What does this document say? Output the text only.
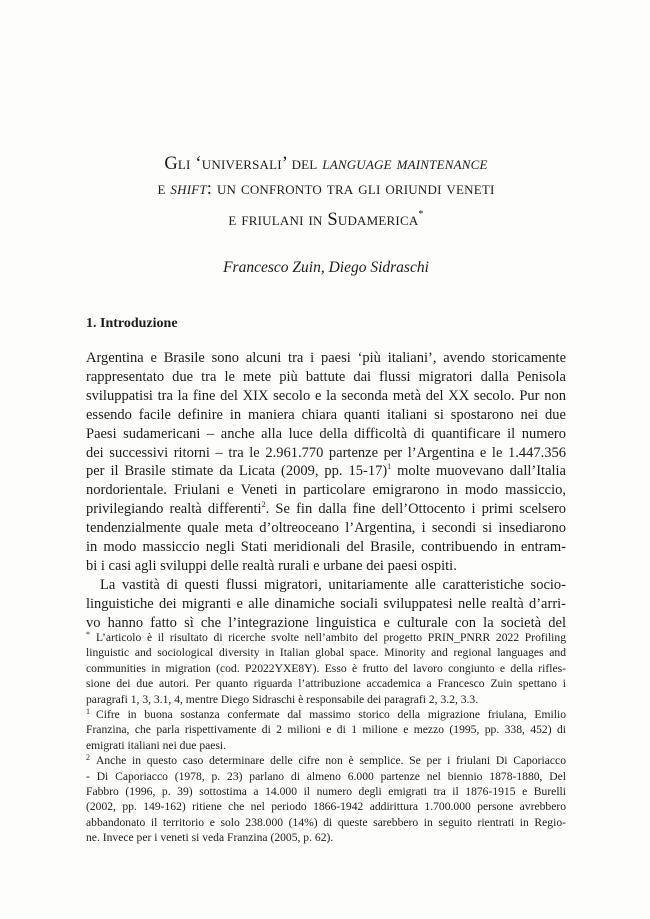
Gli ‘universali’ del language maintenance
e shift: un confronto tra gli oriundi veneti
e friulani in Sudamerica*
Francesco Zuin, Diego Sidraschi
1. Introduzione
Argentina e Brasile sono alcuni tra i paesi ‘più italiani’, avendo storicamente
rappresentato due tra le mete più battute dai flussi migratori dalla Penisola
sviluppatisi tra la fine del XIX secolo e la seconda metà del XX secolo. Pur non
essendo facile definire in maniera chiara quanti italiani si spostarono nei due
Paesi sudamericani – anche alla luce della difficoltà di quantificare il numero
dei successivi ritorni – tra le 2.961.770 partenze per l’Argentina e le 1.447.356
per il Brasile stimate da Licata (2009, pp. 15-17)$^1$ molte muovevano dall’Italia
nordorientale. Friulani e Veneti in particolare emigrarono in modo massiccio,
privilegiando realtà differenti$^2$. Se fin dalla fine dell’Ottocento i primi scelsero
tendenzialmente quale meta d’oltreoceano l’Argentina, i secondi si insediarono
in modo massiccio negli Stati meridionali del Brasile, contribuendo in entram-
bi i casi agli sviluppi delle realtà rurali e urbane dei paesi ospiti.
La vastità di questi flussi migratori, unitariamente alle caratteristiche socio-
linguistiche dei migranti e alle dinamiche sociali sviluppatesi nelle realtà d’arri-
vo hanno fatto sì che l’integrazione linguistica e culturale con la società del
* L’articolo è il risultato di ricerche svolte nell’ambito del progetto PRIN_PNRR 2022 Profiling
linguistic and sociological diversity in Italian global space. Minority and regional languages and
communities in migration (cod. P2022YXE8Y). Esso è frutto del lavoro congiunto e della rifles-
sione dei due autori. Per quanto riguarda l’attribuzione accademica a Francesco Zuin spettano i
paragrafi 1, 3, 3.1, 4, mentre Diego Sidraschi è responsabile dei paragrafi 2, 3.2, 3.3.
1 Cifre in buona sostanza confermate dal massimo storico della migrazione friulana, Emilio
Franzina, che parla rispettivamente di 2 milioni e di 1 milione e mezzo (1995, pp. 338, 452) di
emigrati italiani nei due paesi.
2 Anche in questo caso determinare delle cifre non è semplice. Se per i friulani Di Caporiacco
- Di Caporiacco (1978, p. 23) parlano di almeno 6.000 partenze nel biennio 1878-1880, Del
Fabbro (1996, p. 39) sottostima a 14.000 il numero degli emigrati tra il 1876-1915 e Burelli
(2002, pp. 149-162) ritiene che nel periodo 1866-1942 addirittura 1.700.000 persone avrebbero
abbandonato il territorio e solo 238.000 (14%) di queste sarebbero in seguito rientrati in Regio-
ne. Invece per i veneti si veda Franzina (2005, p. 62).
